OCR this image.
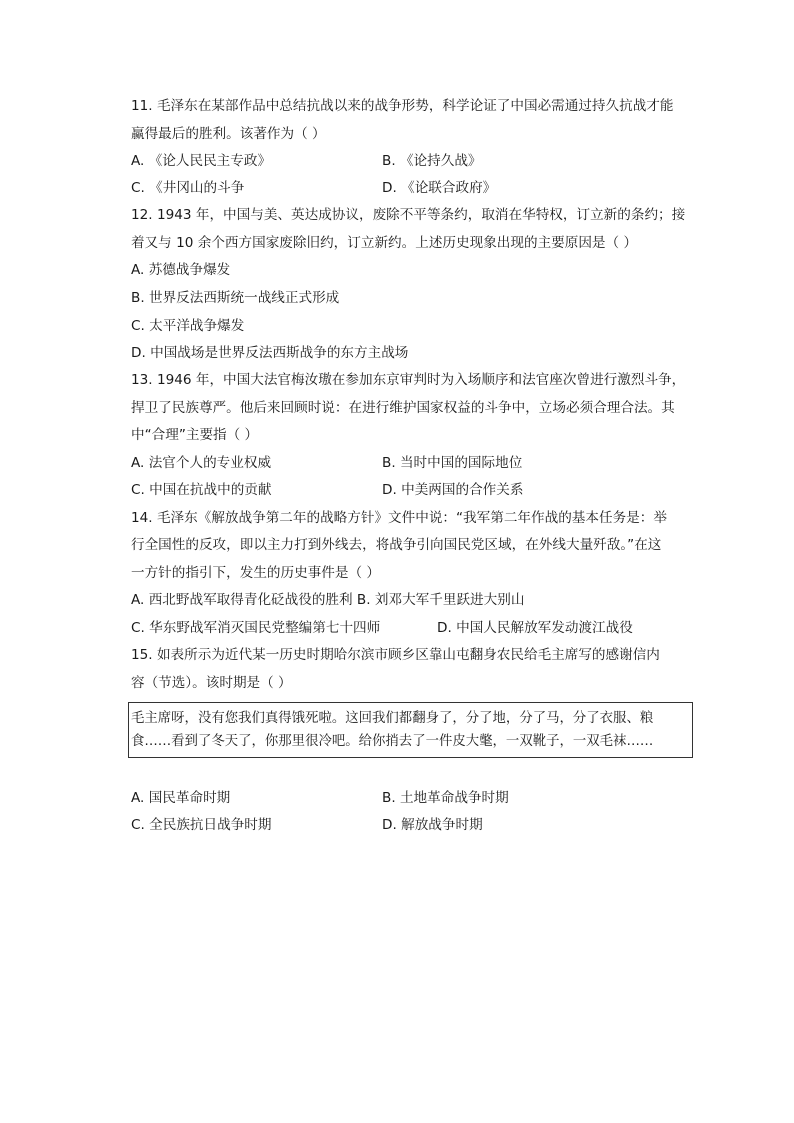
11. 毛泽东在某部作品中总结抗战以来的战争形势，科学论证了中国必需通过持久抗战才能
赢得最后的胜利。该著作为（ ）
A. 《论人民民主专政》	B. 《论持久战》
C. 《井冈山的斗争	D. 《论联合政府》
12. 1943 年，中国与美、英达成协议，废除不平等条约，取消在华特权，订立新的条约；接
着又与 10 余个西方国家废除旧约，订立新约。上述历史现象出现的主要原因是（ ）
A. 苏德战争爆发
B. 世界反法西斯统一战线正式形成
C. 太平洋战争爆发
D. 中国战场是世界反法西斯战争的东方主战场
13. 1946 年，中国大法官梅汝璈在参加东京审判时为入场顺序和法官座次曾进行激烈斗争，
捍卫了民族尊严。他后来回顾时说：在进行维护国家权益的斗争中，立场必须合理合法。其
中“合理”主要指（ ）
A. 法官个人的专业权威	B. 当时中国的国际地位
C. 中国在抗战中的贡献	D. 中美两国的合作关系
14. 毛泽东《解放战争第二年的战略方针》文件中说：“我军第二年作战的基本任务是：举
行全国性的反攻，即以主力打到外线去，将战争引向国民党区域，在外线大量歼敌。”在这
一方针的指引下，发生的历史事件是（ ）
A. 西北野战军取得青化砭战役的胜利 B. 刘邓大军千里跃进大别山
C. 华东野战军消灭国民党整编第七十四师	D. 中国人民解放军发动渡江战役
15. 如表所示为近代某一历史时期哈尔滨市顾乡区靠山屯翻身农民给毛主席写的感谢信内
容（节选）。该时期是（ ）
毛主席呀，没有您我们真得饿死啦。这回我们都翻身了，分了地，分了马，分了衣服、粮
食……看到了冬天了，你那里很冷吧。给你捎去了一件皮大氅，一双靴子，一双毛袜……
A. 国民革命时期	B. 土地革命战争时期
C. 全民族抗日战争时期	D. 解放战争时期
